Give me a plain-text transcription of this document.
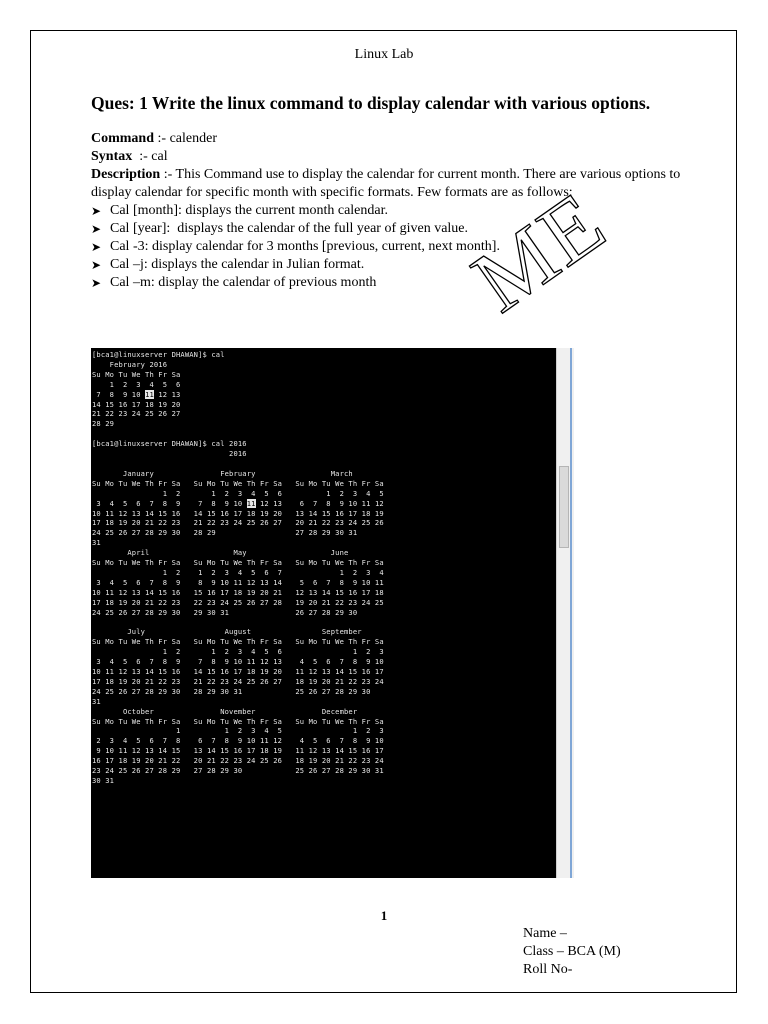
Linux Lab
Ques: 1 Write the linux command to display calendar with various options.

Command :- calender

Syntax  :- cal

Description :- This Command use to display the calendar for current month. There are various options to display calendar for specific month with specific formats. Few formats are as follows:

➤ Cal [month]: displays the current month calendar.
➤ Cal [year]:  displays the calendar of the full year of given value.
➤ Cal -3: display calendar for 3 months [previous, current, next month].
➤ Cal –j: displays the calendar in Julian format.
➤ Cal –m: display the calendar of previous month ME
[bca1@linuxserver DHAWAN]$ cal
February 2016
Su Mo Tu We Th Fr Sa
1  2  3  4  5  6
7  8  9 10 11 12 13
14 15 16 17 18 19 20
21 22 23 24 25 26 27
28 29

[bca1@linuxserver DHAWAN]$ cal 2016
2016

January               February                 March
Su Mo Tu We Th Fr Sa   Su Mo Tu We Th Fr Sa   Su Mo Tu We Th Fr Sa
1  2       1  2  3  4  5  6          1  2  3  4  5
3  4  5  6  7  8  9    7  8  9 10 11 12 13    6  7  8  9 10 11 12
10 11 12 13 14 15 16   14 15 16 17 18 19 20   13 14 15 16 17 18 19
17 18 19 20 21 22 23   21 22 23 24 25 26 27   20 21 22 23 24 25 26
24 25 26 27 28 29 30   28 29                  27 28 29 30 31
31
April                   May                   June
Su Mo Tu We Th Fr Sa   Su Mo Tu We Th Fr Sa   Su Mo Tu We Th Fr Sa
1  2    1  2  3  4  5  6  7             1  2  3  4
3  4  5  6  7  8  9    8  9 10 11 12 13 14    5  6  7  8  9 10 11
10 11 12 13 14 15 16   15 16 17 18 19 20 21   12 13 14 15 16 17 18
17 18 19 20 21 22 23   22 23 24 25 26 27 28   19 20 21 22 23 24 25
24 25 26 27 28 29 30   29 30 31               26 27 28 29 30

July                  August                September
Su Mo Tu We Th Fr Sa   Su Mo Tu We Th Fr Sa   Su Mo Tu We Th Fr Sa
1  2       1  2  3  4  5  6                1  2  3
3  4  5  6  7  8  9    7  8  9 10 11 12 13    4  5  6  7  8  9 10
10 11 12 13 14 15 16   14 15 16 17 18 19 20   11 12 13 14 15 16 17
17 18 19 20 21 22 23   21 22 23 24 25 26 27   18 19 20 21 22 23 24
24 25 26 27 28 29 30   28 29 30 31            25 26 27 28 29 30
31
October               November               December
Su Mo Tu We Th Fr Sa   Su Mo Tu We Th Fr Sa   Su Mo Tu We Th Fr Sa
1          1  2  3  4  5                1  2  3
2  3  4  5  6  7  8    6  7  8  9 10 11 12    4  5  6  7  8  9 10
9 10 11 12 13 14 15   13 14 15 16 17 18 19   11 12 13 14 15 16 17
16 17 18 19 20 21 22   20 21 22 23 24 25 26   18 19 20 21 22 23 24
23 24 25 26 27 28 29   27 28 29 30            25 26 27 28 29 30 31
30 31
1
Name –
Class – BCA (M)
Roll No-
